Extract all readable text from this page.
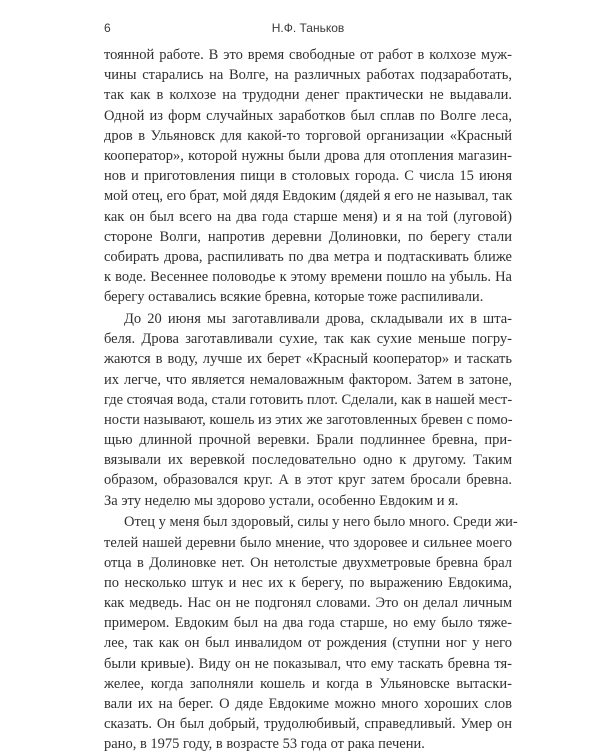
6	Н.Ф. Таньков

тоянной работе. В это время свободные от работ в колхозе муж-
чины старались на Волге, на различных работах подзаработать,
так как в колхозе на трудодни денег практически не выдавали.
Одной из форм случайных заработков был сплав по Волге леса,
дров в Ульяновск для какой-то торговой организации «Красный
кооператор», которой нужны были дрова для отопления магазин-
нов и приготовления пищи в столовых города. С числа 15 июня
мой отец, его брат, мой дядя Евдоким (дядей я его не называл, так
как он был всего на два года старше меня) и я на той (луговой)
стороне Волги, напротив деревни Долиновки, по берегу стали
собирать дрова, распиливать по два метра и подтаскивать ближе
к воде. Весеннее половодье к этому времени пошло на убыль. На
берегу оставались всякие бревна, которые тоже распиливали.

До 20 июня мы заготавливали дрова, складывали их в шта-
беля. Дрова заготавливали сухие, так как сухие меньше погру-
жаются в воду, лучше их берет «Красный кооператор» и таскать
их легче, что является немаловажным фактором. Затем в затоне,
где стоячая вода, стали готовить плот. Сделали, как в нашей мест-
ности называют, кошель из этих же заготовленных бревен с помо-
щью длинной прочной веревки. Брали подлиннее бревна, при-
вязывали их веревкой последовательно одно к другому. Таким
образом, образовался круг. А в этот круг затем бросали бревна.
За эту неделю мы здорово устали, особенно Евдоким и я.

Отец у меня был здоровый, силы у него было много. Среди жи-
телей нашей деревни было мнение, что здоровее и сильнее моего
отца в Долиновке нет. Он нетолстые двухметровые бревна брал
по несколько штук и нес их к берегу, по выражению Евдокима,
как медведь. Нас он не подгонял словами. Это он делал личным
примером. Евдоким был на два года старше, но ему было тяже-
лее, так как он был инвалидом от рождения (ступни ног у него
были кривые). Виду он не показывал, что ему таскать бревна тя-
желее, когда заполняли кошель и когда в Ульяновске вытаски-
вали их на берег. О дяде Евдокиме можно много хороших слов
сказать. Он был добрый, трудолюбивый, справедливый. Умер он
рано, в 1975 году, в возрасте 53 года от рака печени.
